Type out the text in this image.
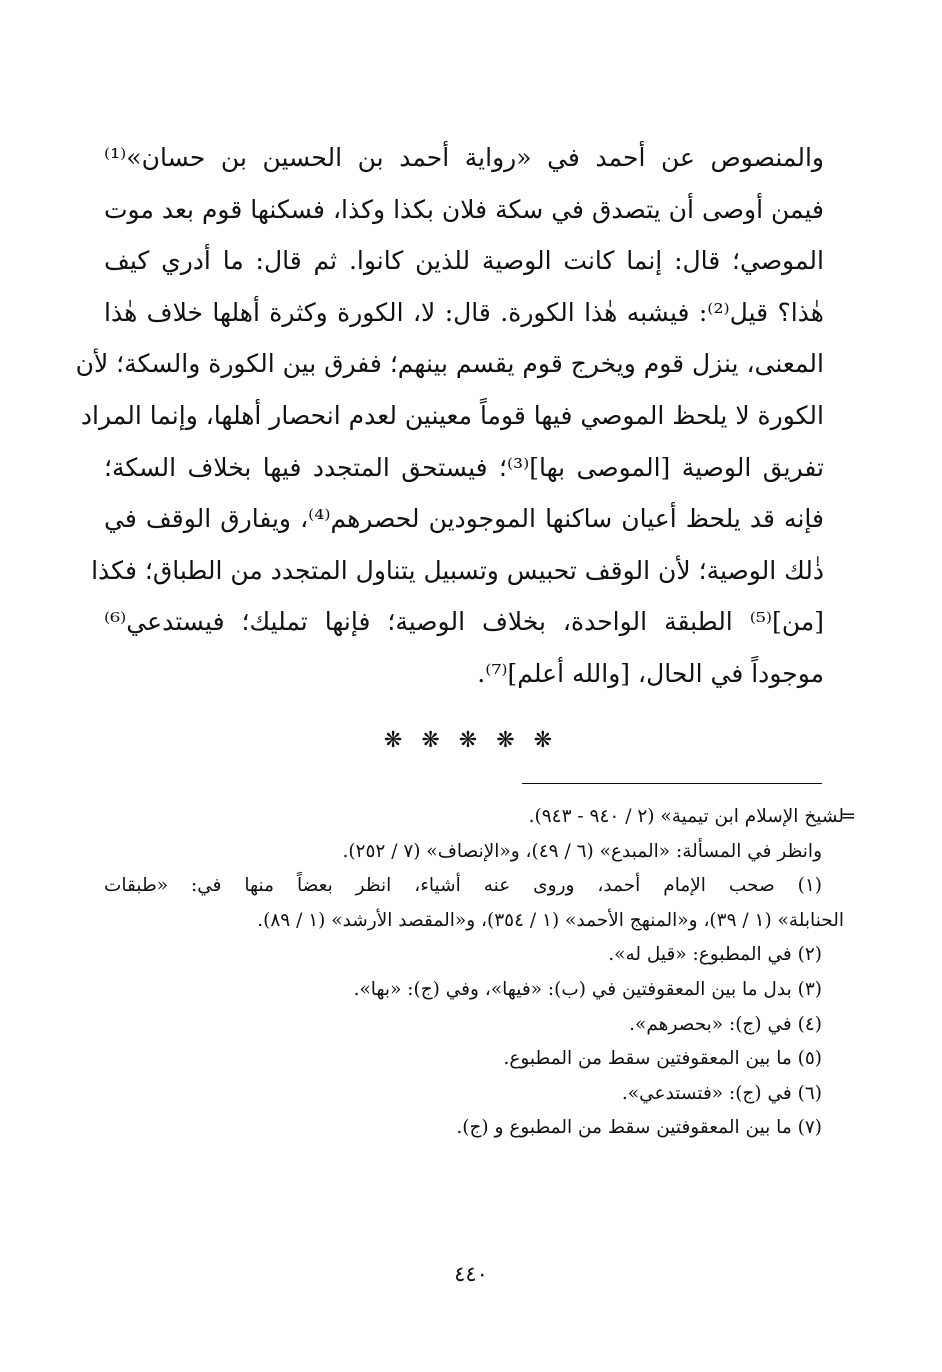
والمنصوص عن أحمد في «رواية أحمد بن الحسين بن حسان»⁽¹⁾
فيمن أوصى أن يتصدق في سكة فلان بكذا وكذا، فسكنها قوم بعد موت
الموصي؛ قال: إنما كانت الوصية للذين كانوا. ثم قال: ما أدري كيف
هٰذا؟ قيل⁽²⁾: فيشبه هٰذا الكورة. قال: لا، الكورة وكثرة أهلها خلاف هٰذا
المعنى، ينزل قوم ويخرج قوم يقسم بينهم؛ ففرق بين الكورة والسكة؛ لأن
الكورة لا يلحظ الموصي فيها قوماً معينين لعدم انحصار أهلها، وإنما المراد
تفريق الوصية [الموصى بها]⁽³⁾؛ فيستحق المتجدد فيها بخلاف السكة؛
فإنه قد يلحظ أعيان ساكنها الموجودين لحصرهم⁽⁴⁾، ويفارق الوقف في
ذٰلك الوصية؛ لأن الوقف تحبيس وتسبيل يتناول المتجدد من الطباق؛ فكذا
[من]⁽⁵⁾ الطبقة الواحدة، بخلاف الوصية؛ فإنها تمليك؛ فيستدعي⁽⁶⁾
موجوداً في الحال، [والله أعلم]⁽⁷⁾.
❋ ❋ ❋ ❋ ❋
=
لشيخ الإسلام ابن تيمية» (٢ / ٩٤٠ - ٩٤٣).
وانظر في المسألة: «المبدع» (٦ / ٤٩)، و«الإنصاف» (٧ / ٢٥٢).
(١) صحب الإمام أحمد، وروى عنه أشياء، انظر بعضاً منها في: «طبقات
الحنابلة» (١ / ٣٩)، و«المنهج الأحمد» (١ / ٣٥٤)، و«المقصد الأرشد» (١ / ٨٩).
(٢) في المطبوع: «قيل له».
(٣) بدل ما بين المعقوفتين في (ب): «فيها»، وفي (ج): «بها».
(٤) في (ج): «بحصرهم».
(٥) ما بين المعقوفتين سقط من المطبوع.
(٦) في (ج): «فتستدعي».
(٧) ما بين المعقوفتين سقط من المطبوع و (ج).
٤٤٠
